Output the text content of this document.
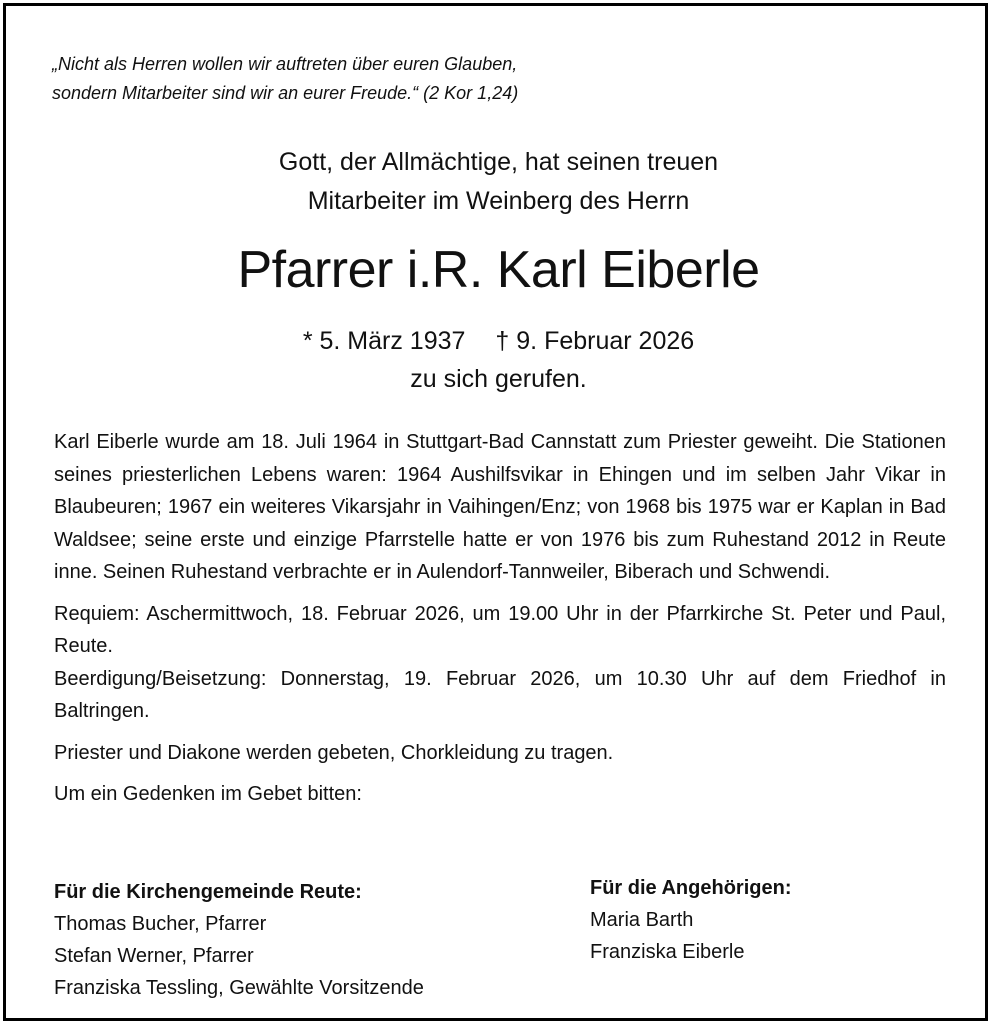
„Nicht als Herren wollen wir auftreten über euren Glauben,
sondern Mitarbeiter sind wir an eurer Freude.“ (2 Kor 1,24)
Gott, der Allmächtige, hat seinen treuen
Mitarbeiter im Weinberg des Herrn
Pfarrer i.R. Karl Eiberle
* 5. März 1937 † 9. Februar 2026
zu sich gerufen.

Karl Eiberle wurde am 18. Juli 1964 in Stuttgart-Bad Cannstatt zum Priester geweiht. Die Stationen seines priesterlichen Lebens waren: 1964 Aushilfsvikar in Ehingen und im selben Jahr Vikar in Blaubeuren; 1967 ein weiteres Vikarsjahr in Vaihingen/Enz; von 1968 bis 1975 war er Kaplan in Bad Waldsee; seine erste und einzige Pfarrstelle hatte er von 1976 bis zum Ruhestand 2012 in Reute inne. Seinen Ruhestand verbrachte er in Aulendorf-Tannweiler, Biberach und Schwendi.

Requiem: Aschermittwoch, 18. Februar 2026, um 19.00 Uhr in der Pfarrkirche St. Peter und Paul, Reute.

Beerdigung/Beisetzung: Donnerstag, 19. Februar 2026, um 10.30 Uhr auf dem Friedhof in Baltringen.

Priester und Diakone werden gebeten, Chorkleidung zu tragen.

Um ein Gedenken im Gebet bitten:

Für die Kirchengemeinde Reute:
Thomas Bucher, Pfarrer
Stefan Werner, Pfarrer
Franziska Tessling, Gewählte Vorsitzende
Für die Angehörigen:
Maria Barth
Franziska Eiberle
